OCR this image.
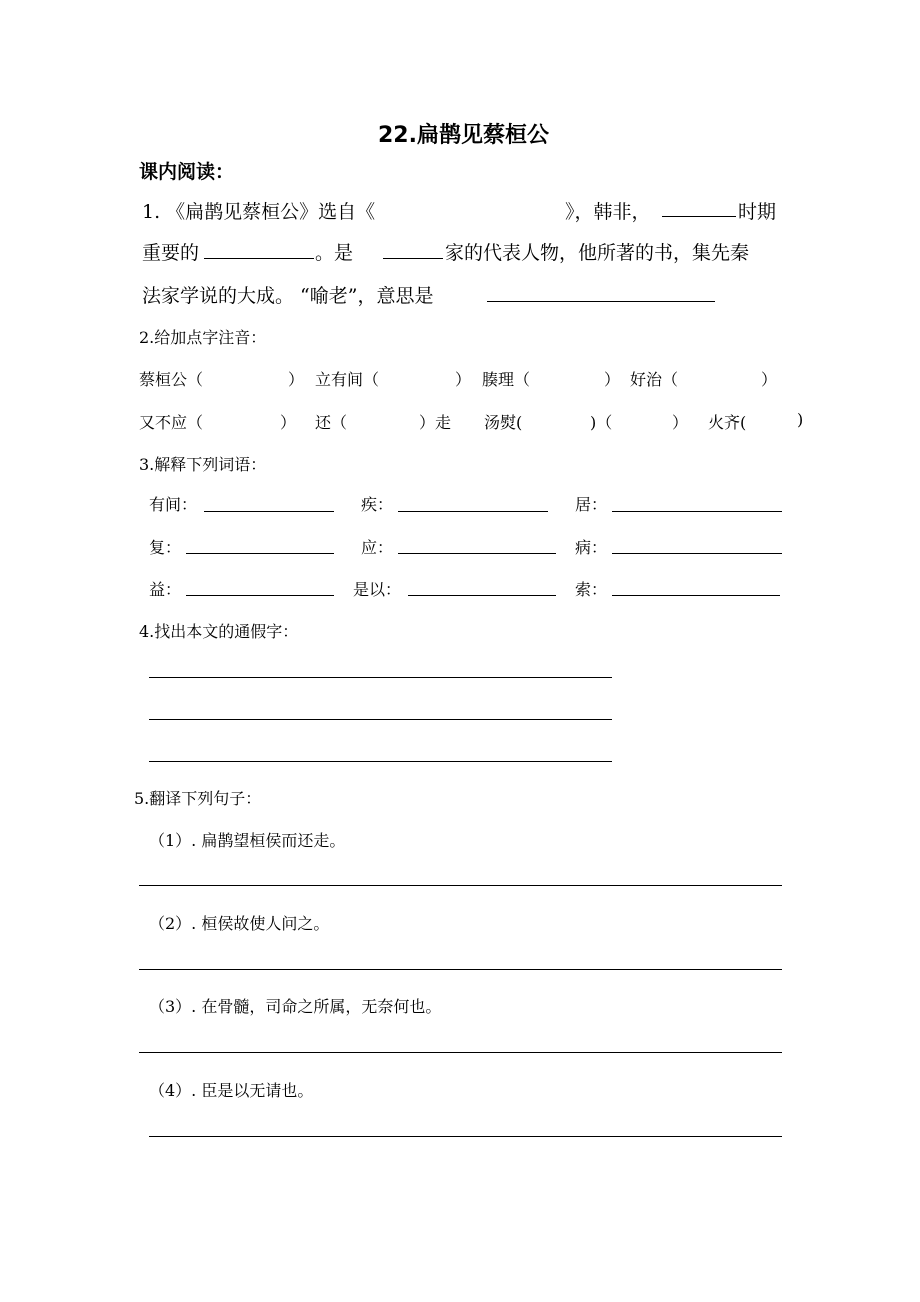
22.扁鹊见蔡桓公
课内阅读：
1. 《扁鹊见蔡桓公》选自《	》，韩非，	时期
重要的	。是	家的代表人物，他所著的书，集先秦
法家学说的大成。 “喻老”，意思是
2.给加点字注音：
蔡桓公（	） 立有间（	） 腠理（	） 好治（	）
又不应（	） 还（	）走 汤熨(	)（	） 火齐(	)
3.解释下列词语：
有间：	疾：	居：
复：	应：	病：
益：	是以：	索：
4.找出本文的通假字：
5.翻译下列句子：
（1）. 扁鹊望桓侯而还走。
（2）. 桓侯故使人问之。
（3）. 在骨髓，司命之所属，无奈何也。
（4）. 臣是以无请也。
